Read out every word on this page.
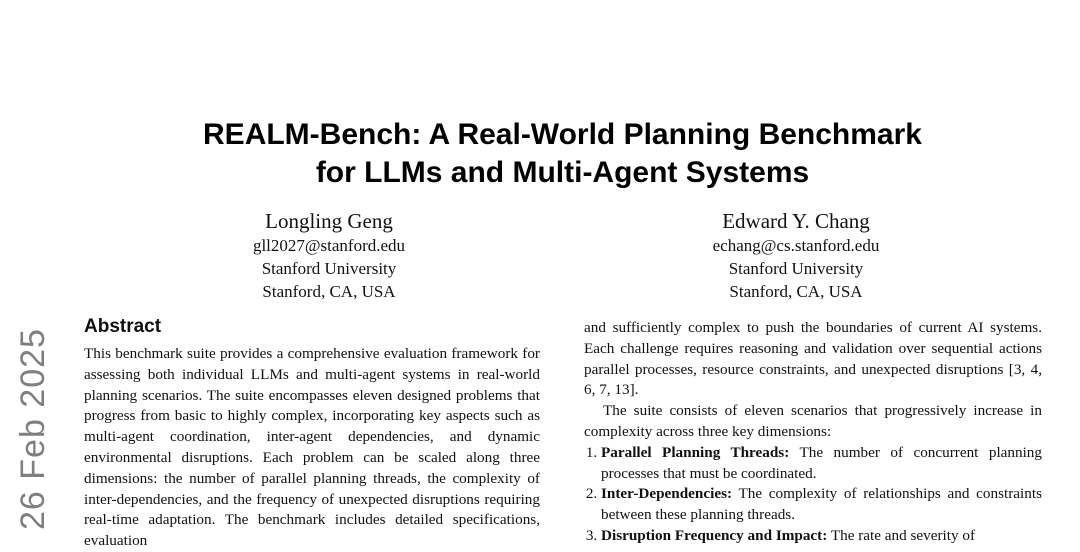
REALM-Bench: A Real-World Planning Benchmark
for LLMs and Multi-Agent Systems
Longling Geng
gll2027@stanford.edu
Stanford University
Stanford, CA, USA
Edward Y. Chang
echang@cs.stanford.edu
Stanford University
Stanford, CA, USA
26 Feb 2025
Abstract

This benchmark suite provides a comprehensive evaluation framework for assessing both individual LLMs and multi-agent systems in real-world planning scenarios. The suite encompasses eleven designed problems that progress from basic to highly complex, incorporating key aspects such as multi-agent coordination, inter-agent dependencies, and dynamic environmental disruptions. Each problem can be scaled along three dimensions: the number of parallel planning threads, the complexity of inter-dependencies, and the frequency of unexpected disruptions requiring real-time adaptation. The benchmark includes detailed specifications, evaluation

and sufficiently complex to push the boundaries of current AI systems. Each challenge requires reasoning and validation over sequential actions parallel processes, resource constraints, and unexpected disruptions [3, 4, 6, 7, 13].

The suite consists of eleven scenarios that progressively increase in complexity across three key dimensions:

1. Parallel Planning Threads: The number of concurrent planning processes that must be coordinated.
2. Inter-Dependencies: The complexity of relationships and constraints between these planning threads.
3. Disruption Frequency and Impact: The rate and severity of
